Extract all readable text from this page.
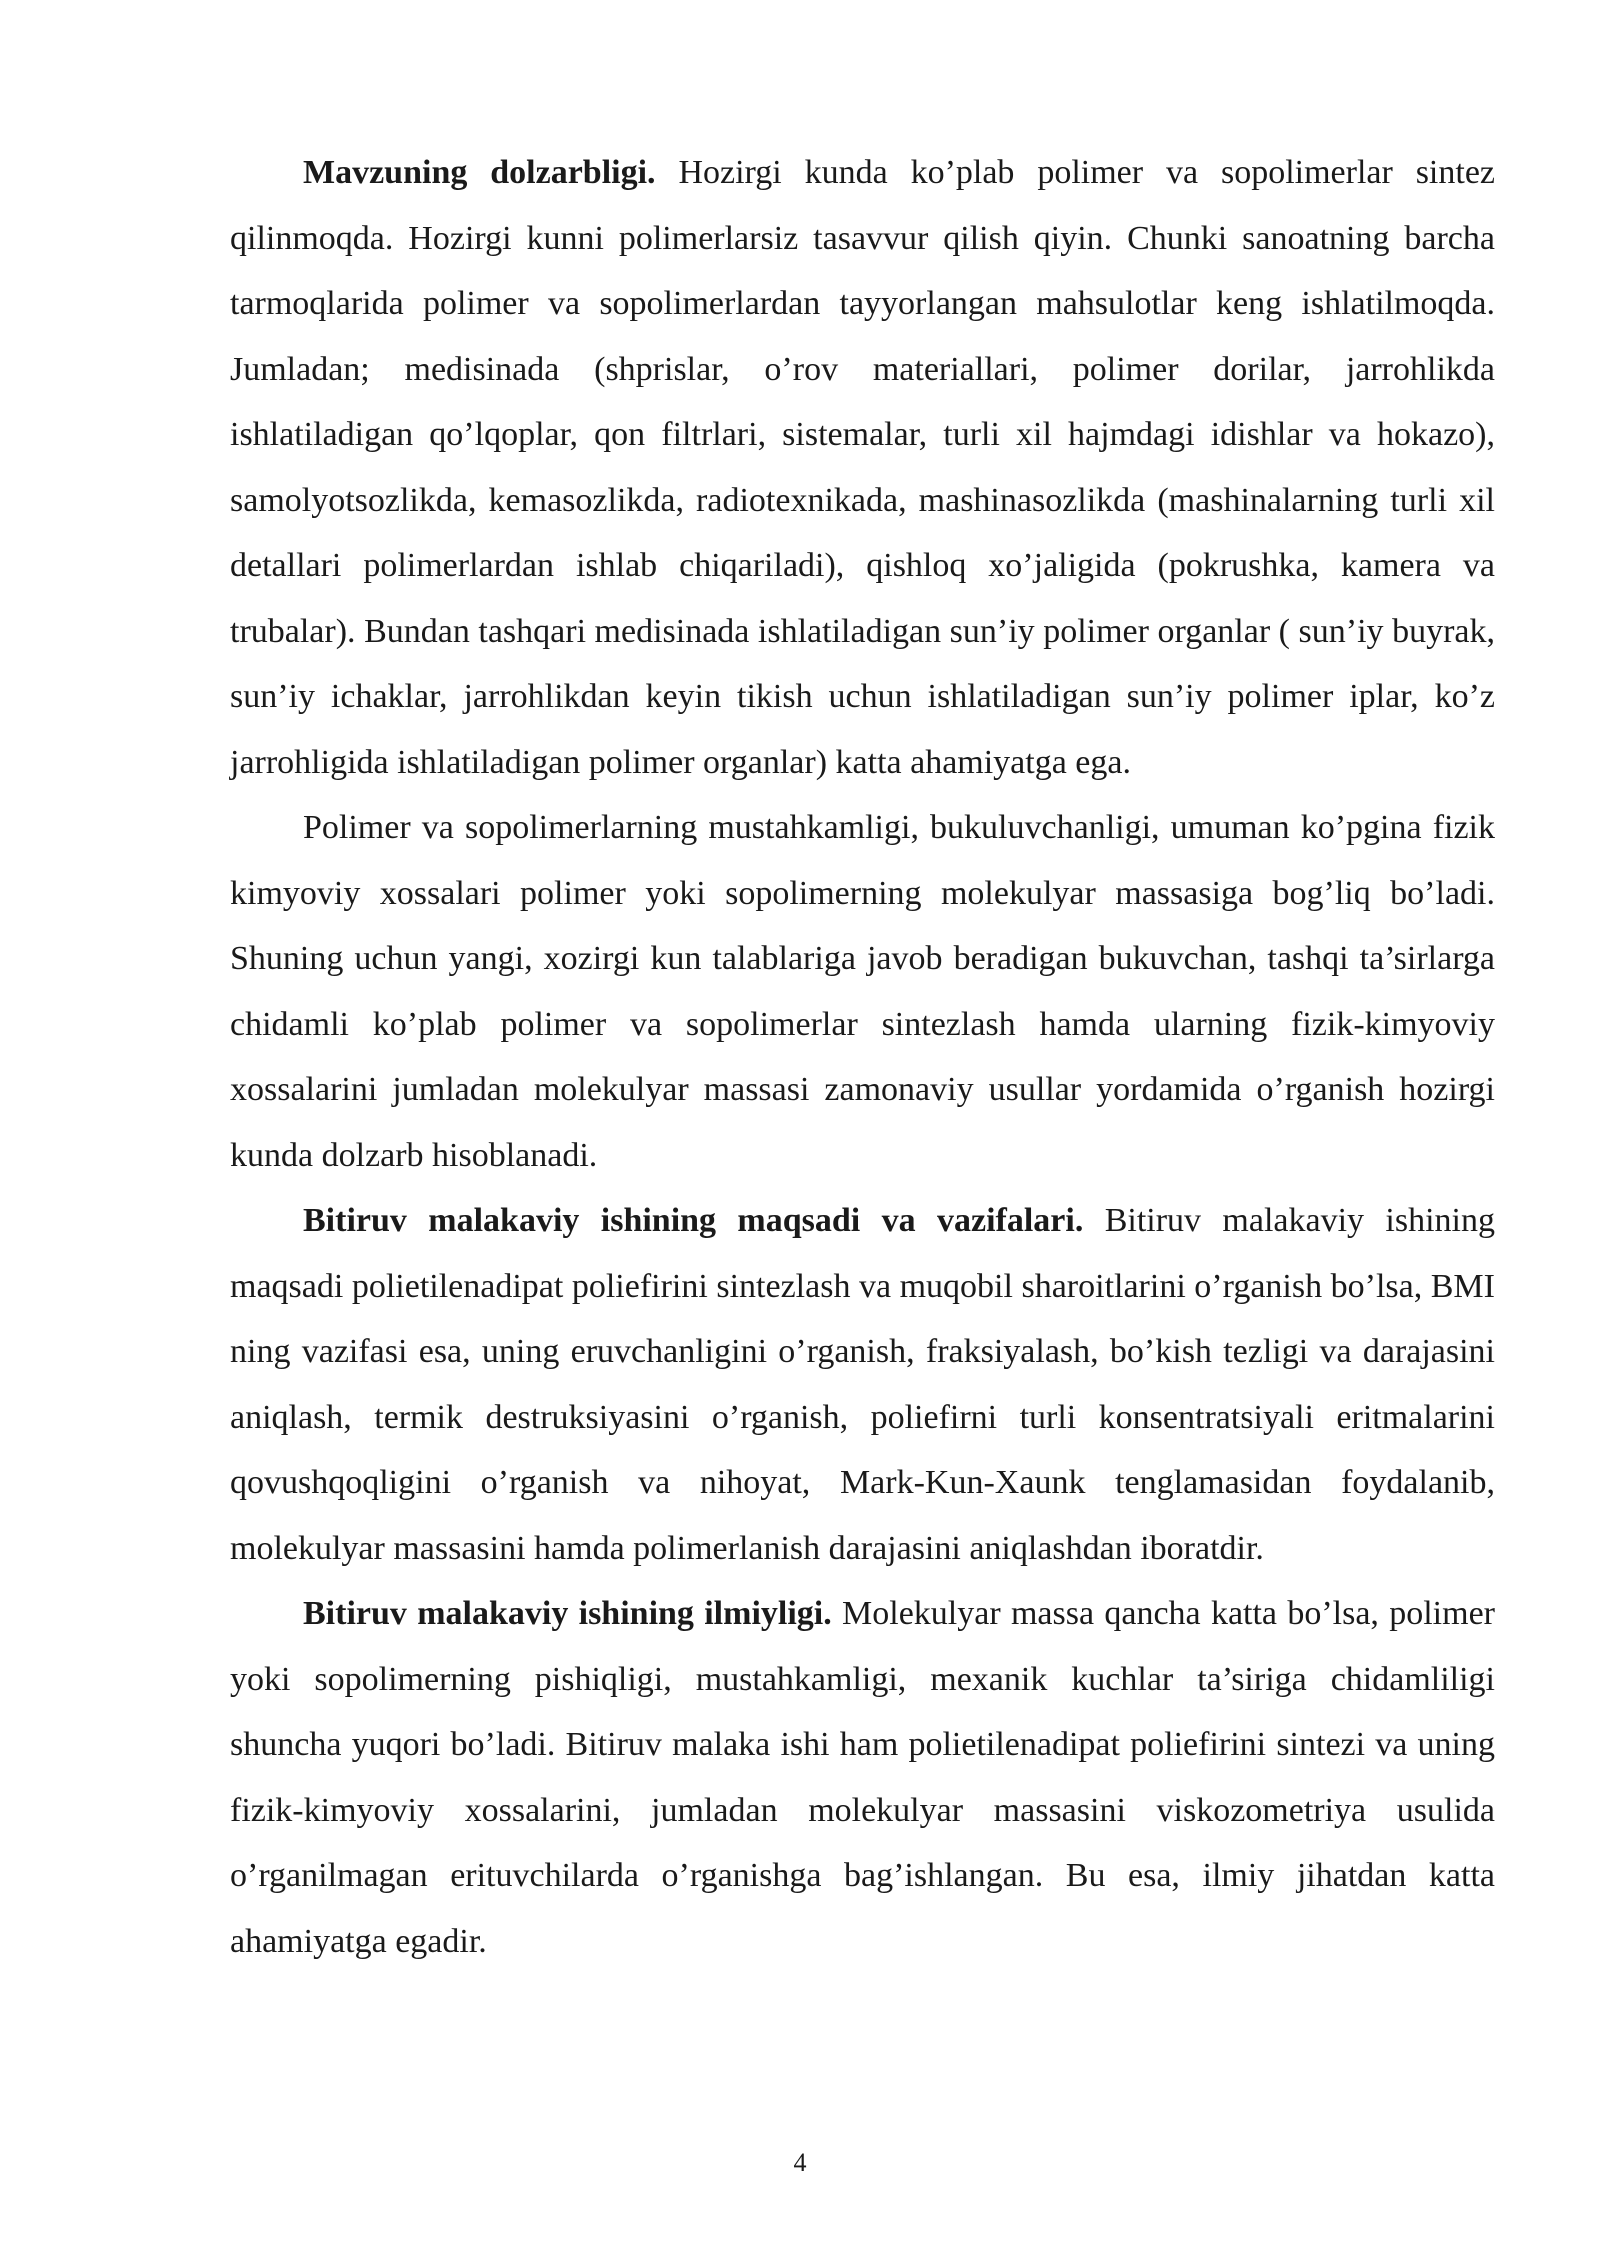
Mavzuning dolzarbligi. Hozirgi kunda ko’plab polimer va sopolimerlar sintez qilinmoqda. Hozirgi kunni polimerlarsiz tasavvur qilish qiyin. Chunki sanoatning barcha tarmoqlarida polimer va sopolimerlardan tayyorlangan mahsulotlar keng ishlatilmoqda. Jumladan; medisinada (shprislar, o’rov materiallari, polimer dorilar, jarrohlikda ishlatiladigan qo’lqoplar, qon filtrlari, sistemalar, turli xil hajmdagi idishlar va hokazo), samolyotsozlikda, kemasozlikda, radiotexnikada, mashinasozlikda (mashinalarning turli xil detallari polimerlardan ishlab chiqariladi), qishloq xo’jaligida (pokrushka, kamera va trubalar). Bundan tashqari medisinada ishlatiladigan sun’iy polimer organlar ( sun’iy buyrak, sun’iy ichaklar, jarrohlikdan keyin tikish uchun ishlatiladigan sun’iy polimer iplar, ko’z jarrohligida ishlatiladigan polimer organlar) katta ahamiyatga ega.

Polimer va sopolimerlarning mustahkamligi, bukuluvchanligi, umuman ko’pgina fizik kimyoviy xossalari polimer yoki sopolimerning molekulyar massasiga bog’liq bo’ladi. Shuning uchun yangi, xozirgi kun talablariga javob beradigan bukuvchan, tashqi ta’sirlarga chidamli ko’plab polimer va sopolimerlar sintezlash hamda ularning fizik-kimyoviy xossalarini jumladan molekulyar massasi zamonaviy usullar yordamida o’rganish hozirgi kunda dolzarb hisoblanadi.

Bitiruv malakaviy ishining maqsadi va vazifalari. Bitiruv malakaviy ishining maqsadi polietilenadipat poliefirini sintezlash va muqobil sharoitlarini o’rganish bo’lsa, BMI ning vazifasi esa, uning eruvchanligini o’rganish, fraksiyalash, bo’kish tezligi va darajasini aniqlash, termik destruksiyasini o’rganish, poliefirni turli konsentratsiyali eritmalarini qovushqoqligini o’rganish va nihoyat, Mark-Kun-Xaunk tenglamasidan foydalanib, molekulyar massasini hamda polimerlanish darajasini aniqlashdan iboratdir.

Bitiruv malakaviy ishining ilmiyligi. Molekulyar massa qancha katta bo’lsa, polimer yoki sopolimerning pishiqligi, mustahkamligi, mexanik kuchlar ta’siriga chidamliligi shuncha yuqori bo’ladi. Bitiruv malaka ishi ham polietilenadipat poliefirini sintezi va uning fizik-kimyoviy xossalarini, jumladan molekulyar massasini viskozometriya usulida o’rganilmagan erituvchilarda o’rganishga bag’ishlangan. Bu esa, ilmiy jihatdan katta ahamiyatga egadir.

4
